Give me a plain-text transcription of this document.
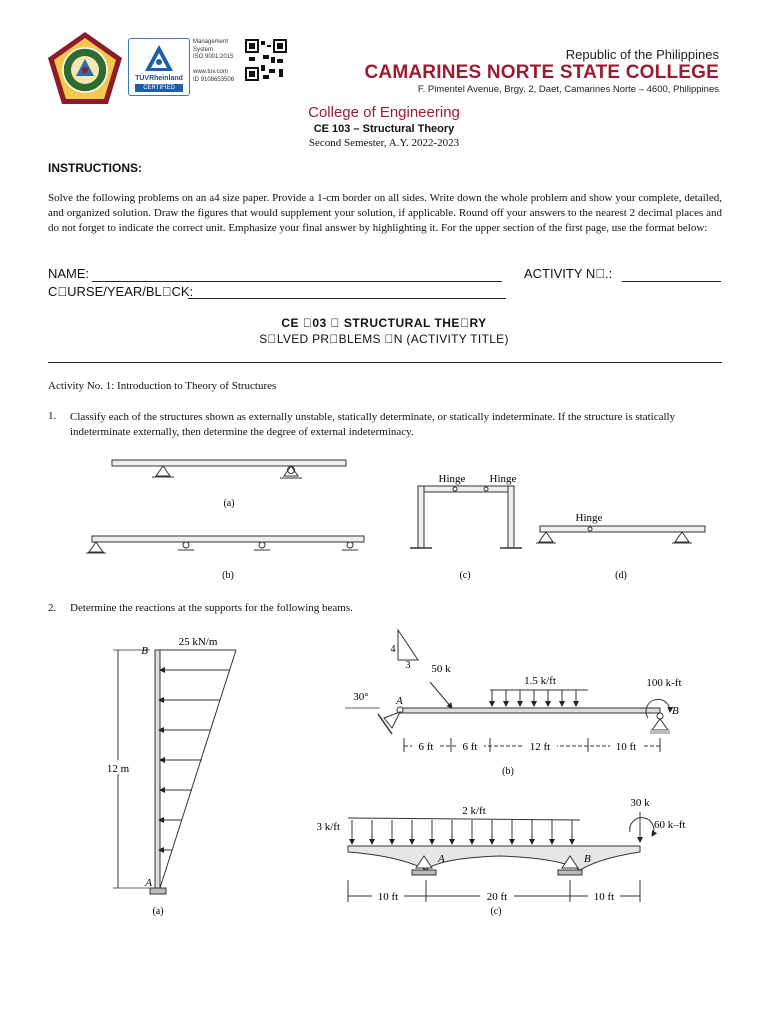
TÜVRheinland
CERTIFIED
Management
System
ISO 9001:2015

www.tuv.com
ID 9108653506
Republic of the Philippines
CAMARINES NORTE STATE COLLEGE
F. Pimentel Avenue, Brgy. 2, Daet, Camarines Norte – 4600, Philippines
College of Engineering
CE 103 – Structural Theory
Second Semester, A.Y. 2022-2023
INSTRUCTIONS:
Solve the following problems on an a4 size paper. Provide a 1-cm border on all sides. Write down the whole problem and show your complete, detailed, and organized solution. Draw the figures that would supplement your solution, if applicable. Round off your answers to the nearest 2 decimal places and do not forget to indicate the correct unit. Emphasize your final answer by highlighting it. For the upper section of the first page, use the format below:
NAME:	ACTIVITY N .:
C URSE/YEAR/BL CK:
CE  03   STRUCTURAL THE RY
S LVED PR BLEMS  N (ACTIVITY TITLE)
Activity No. 1: Introduction to Theory of Structures
1. Classify each of the structures shown as externally unstable, statically determinate, or statically indeterminate. If the structure is statically indeterminate externally, then determine the degree of external indeterminacy.
(a)
(b)
Hinge Hinge
(c)
Hinge
(d)
2. Determine the reactions at the supports for the following beams.
12 m
25 kN/m
B
A
(a)
4
3 50 k
1.5 k/ft	100 k-ft
B
A
30°
6 ft	6 ft	12 ft	10 ft
(b)
3 k/ft
2 k/ft
A	B
30 k
60 k–ft
10 ft	20 ft	10 ft
(c)
